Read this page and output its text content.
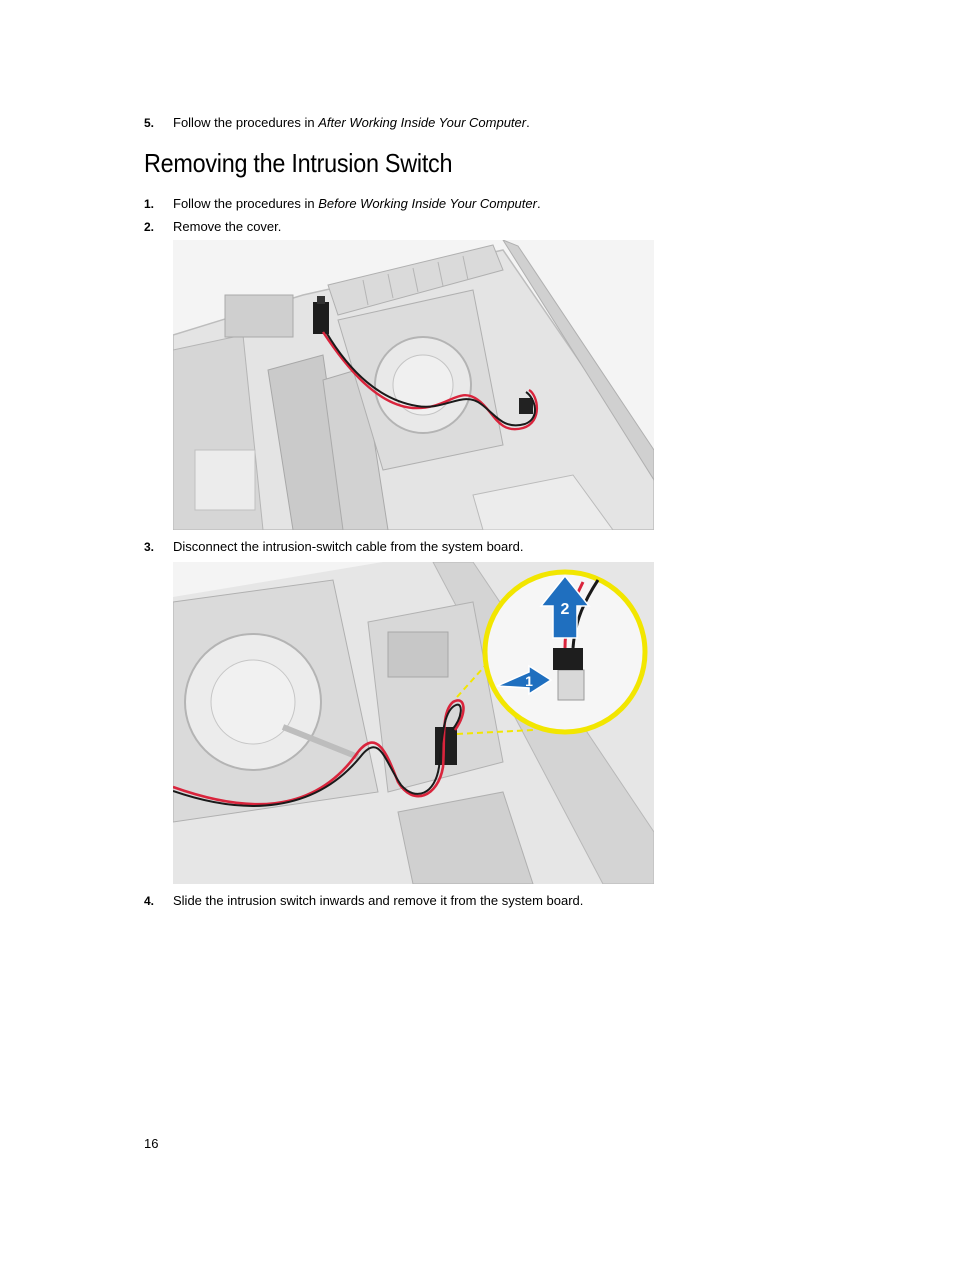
5. Follow the procedures in After Working Inside Your Computer.
Removing the Intrusion Switch
1. Follow the procedures in Before Working Inside Your Computer.
2. Remove the cover.
3. Disconnect the intrusion-switch cable from the system board.
2
1
4. Slide the intrusion switch inwards and remove it from the system board.
16
